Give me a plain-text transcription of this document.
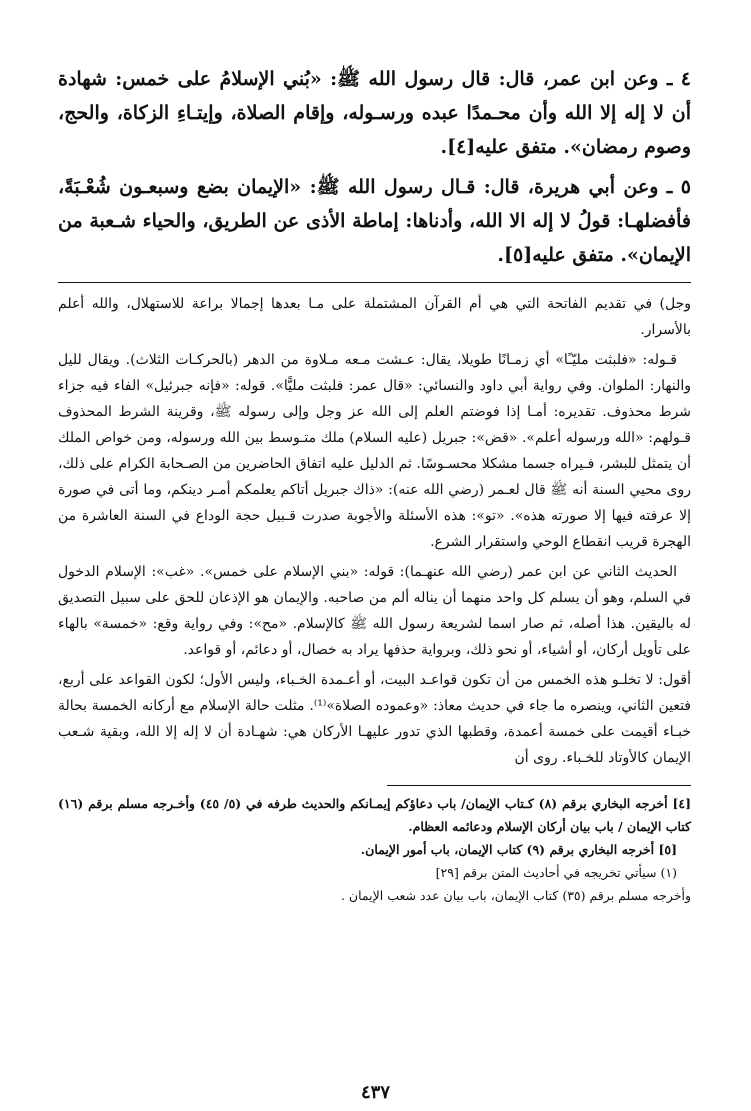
٤ ـ وعن ابن عمر، قال: قال رسول الله ﷺ: «بُني الإسلامُ على خمس: شهادة أن لا إله إلا الله وأن محـمدًا عبده ورسـوله، وإقام الصلاة، وإيتـاءِ الزكاة، والحج، وصوم رمضان». متفق عليه[٤].

٥ ـ وعن أبي هريرة، قال: قـال رسول الله ﷺ: «الإيمان بضع وسبعـون شُعْـبَةً، فأفضلهـا: قولُ لا إله الا الله، وأدناها: إماطة الأذى عن الطريق، والحياء شـعبة من الإيمان». متفق عليه[٥].

وجل) في تقديم الفاتحة التي هي أم القرآن المشتملة على مـا بعدها إجمالا براعة للاستهلال، والله أعلم بالأسرار.

قـوله: «فلبثت مليّـًا» أي زمـانًا طويلا، يقال: عـشت مـعه مـلاوة من الدهر (بالحركـات الثلاث). ويقال لليل والنهار: الملوان. وفي رواية أبي داود والنسائي: «قال عمر: فلبثت مليًّا». قوله: «فإنه جبرئيل» الفاء فيه جزاء شرط محذوف. تقديره: أمـا إذا فوضتم العلم إلى الله عز وجل وإلى رسوله ﷺ، وقرينة الشرط المحذوف قـولهم: «الله ورسوله أعلم». «قض»: جبريل (عليه السلام) ملك متـوسط بين الله ورسوله، ومن خواص الملك أن يتمثل للبشر، فـيراه جسما مشكلا محسـوسًا. ثم الدليل عليه اتفاق الحاضرين من الصـحابة الكرام على ذلك، روى محيي السنة أنه ﷺ قال لعـمر (رضي الله عنه): «ذاك جبريل أتاكم يعلمكم أمـر دينكم، وما أتى في صورة إلا عرفته فيها إلا صورته هذه». «تو»: هذه الأسئلة والأجوبة صدرت قـبيل حجة الوداع في السنة العاشرة من الهجرة قريب انقطاع الوحي واستقرار الشرع.

الحديث الثاني عن ابن عمر (رضي الله عنهـما): قوله: «بني الإسلام على خمس». «غب»: الإسلام الدخول في السلم، وهو أن يسلم كل واحد منهما أن يناله ألم من صاحبه. والإيمان هو الإذعان للحق على سبيل التصديق له باليقين. هذا أصله، ثم صار اسما لشريعة رسول الله ﷺ كالإسلام. «مح»: وفي رواية وقع: «خمسة» بالهاء على تأويل أركان، أو أشياء، أو نحو ذلك، وبرواية حذفها يراد به خصال، أو دعائم، أو قواعد.

أقول: لا تخلـو هذه الخمس من أن تكون قواعـد البيت، أو أعـمدة الخـباء، وليس الأول؛ لكون القواعد على أربع، فتعين الثاني، وينصره ما جاء في حديث معاذ: «وعموده الصلاة»⁽¹⁾. مثلت حالة الإسلام مع أركانه الخمسة بحالة خبـاء أقيمت على خمسة أعمدة، وقطبها الذي تدور عليهـا الأركان هي: شهـادة أن لا إله إلا الله، وبقية شـعب الإيمان كالأوتاد للخـباء. روى أن

[٤] أخرجه البخاري برقم (٨) كـتاب الإيمان/ باب دعاؤكم إيمـانكم والحديث طرفه في (٥/ ٤٥) وأخـرجه مسلم برقم (١٦) كتاب الإيمان / باب بيان أركان الإسلام ودعائمه العظام.

[٥] أخرجه البخاري برقم (٩) كتاب الإيمان، باب أمور الإيمان.

(١) سيأتي تخريجه في أحاديث المتن برقم [٢٩]

وأخرجه مسلم برقم (٣٥) كتاب الإيمان، باب بيان عدد شعب الإيمان .

٤٣٧
